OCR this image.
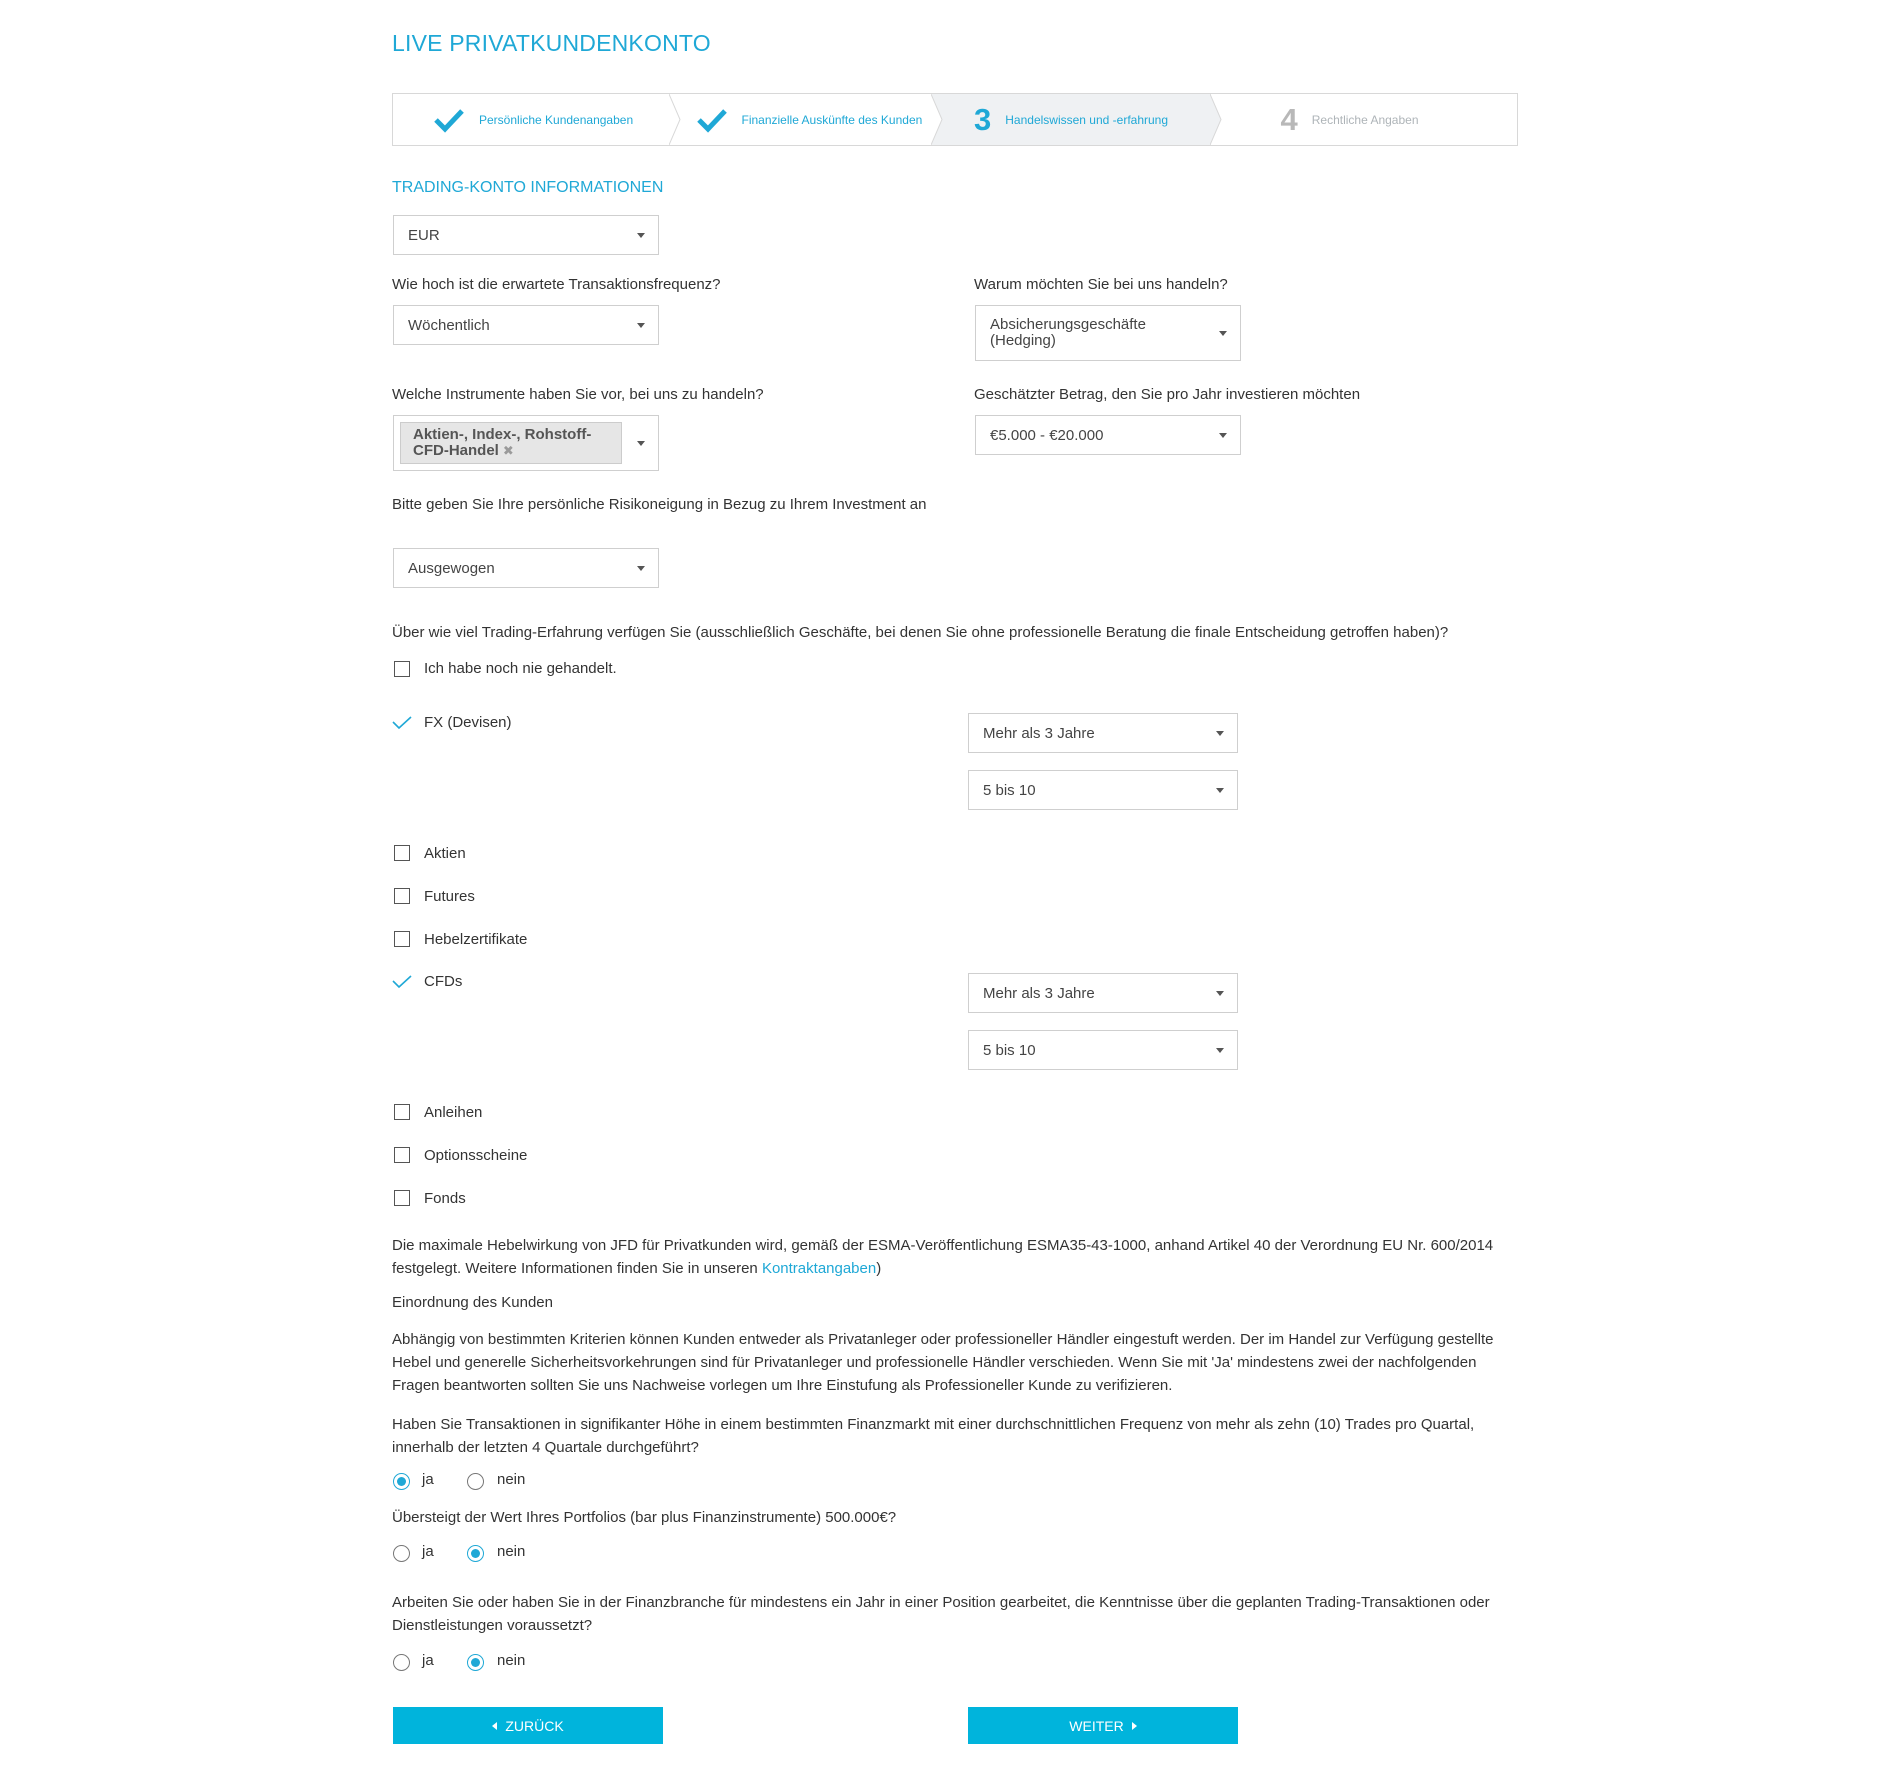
LIVE PRIVATKUNDENKONTO
Persönliche Kundenangaben	Finanzielle Auskünfte des Kunden 3 Handelswissen und -erfahrung	4 Rechtliche Angaben
TRADING-KONTO INFORMATIONEN
EUR
Wie hoch ist die erwartete Transaktionsfrequenz?
Wöchentlich
Warum möchten Sie bei uns handeln?
Absicherungsgeschäfte
(Hedging)
Welche Instrumente haben Sie vor, bei uns zu handeln?
Aktien-, Index-, Rohstoff-
CFD-Handel ✖
Geschätzter Betrag, den Sie pro Jahr investieren möchten
€5.000 - €20.000
Bitte geben Sie Ihre persönliche Risikoneigung in Bezug zu Ihrem Investment an
Ausgewogen
Über wie viel Trading-Erfahrung verfügen Sie (ausschließlich Geschäfte, bei denen Sie ohne professionelle Beratung die finale Entscheidung getroffen haben)?
Ich habe noch nie gehandelt.
FX (Devisen)
Mehr als 3 Jahre
5 bis 10
Aktien
Futures
Hebelzertifikate
CFDs
Mehr als 3 Jahre
5 bis 10
Anleihen
Optionsscheine
Fonds
Die maximale Hebelwirkung von JFD für Privatkunden wird, gemäß der ESMA-Veröffentlichung ESMA35-43-1000, anhand Artikel 40 der Verordnung EU Nr. 600/2014 festgelegt. Weitere Informationen finden Sie in unseren Kontraktangaben)
Einordnung des Kunden
Abhängig von bestimmten Kriterien können Kunden entweder als Privatanleger oder professioneller Händler eingestuft werden. Der im Handel zur Verfügung gestellte Hebel und generelle Sicherheitsvorkehrungen sind für Privatanleger und professionelle Händler verschieden. Wenn Sie mit 'Ja' mindestens zwei der nachfolgenden Fragen beantworten sollten Sie uns Nachweise vorlegen um Ihre Einstufung als Professioneller Kunde zu verifizieren.
Haben Sie Transaktionen in signifikanter Höhe in einem bestimmten Finanzmarkt mit einer durchschnittlichen Frequenz von mehr als zehn (10) Trades pro Quartal, innerhalb der letzten 4 Quartale durchgeführt?
ja	nein
Übersteigt der Wert Ihres Portfolios (bar plus Finanzinstrumente) 500.000€?
ja	nein
Arbeiten Sie oder haben Sie in der Finanzbranche für mindestens ein Jahr in einer Position gearbeitet, die Kenntnisse über die geplanten Trading-Transaktionen oder Dienstleistungen voraussetzt?
ja	nein
ZURÜCK	WEITER
